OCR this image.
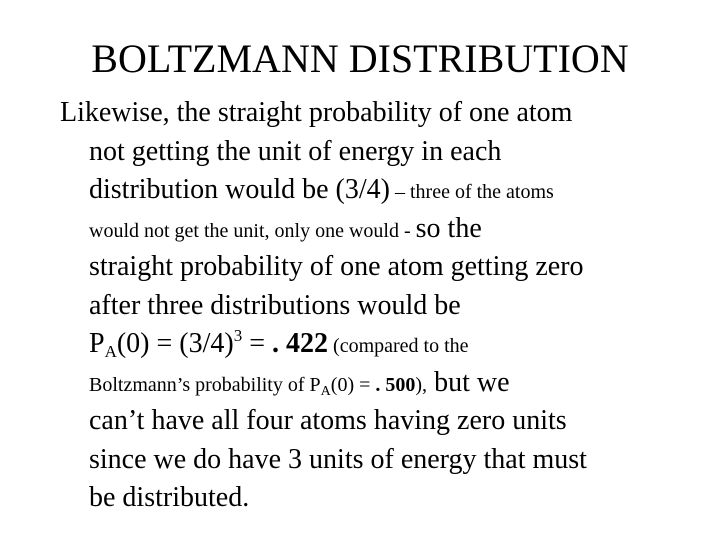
BOLTZMANN DISTRIBUTION
Likewise, the straight probability of one atom
not getting the unit of energy in each
distribution would be (3/4) – three of the atoms
would not get the unit, only one would - so the
straight probability of one atom getting zero
after three distributions would be
$P_A(0) = (3/4)^3$ = . 422 (compared to the
Boltzmann’s probability of PA(0) = . 500), but we
can’t have all four atoms having zero units
since we do have 3 units of energy that must
be distributed.
